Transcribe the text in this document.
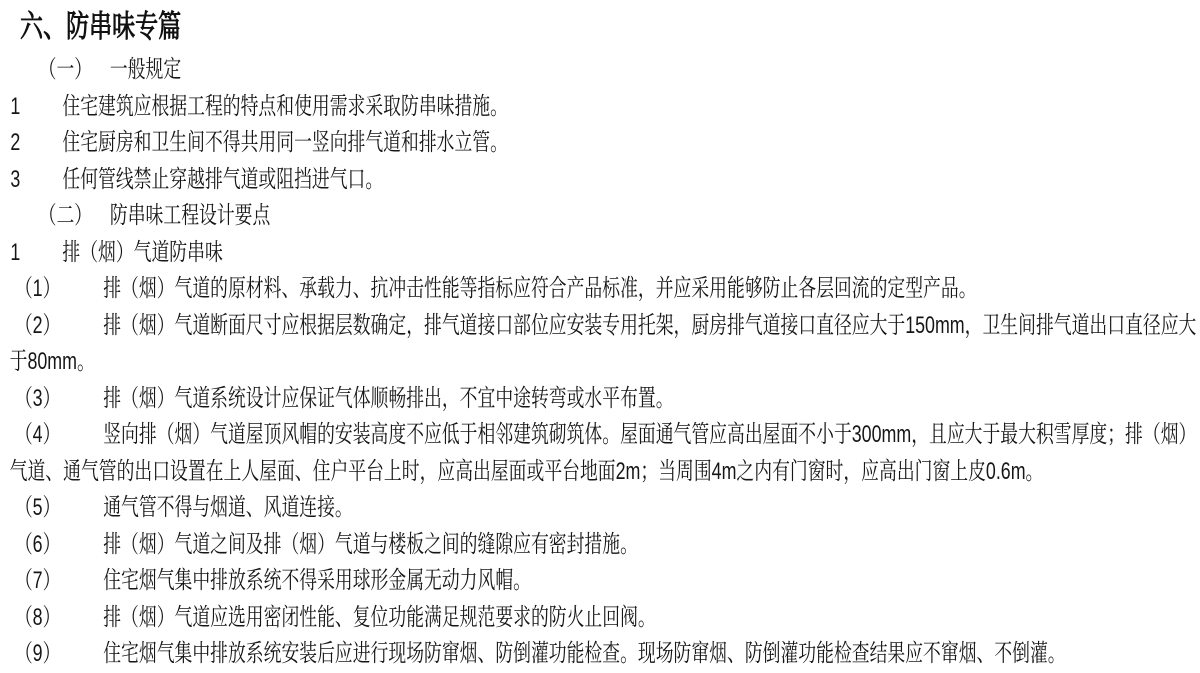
六、防串味专篇

（一） 一般规定

1 住宅建筑应根据工程的特点和使用需求采取防串味措施。

2 住宅厨房和卫生间不得共用同一竖向排气道和排水立管。

3 任何管线禁止穿越排气道或阻挡进气口。

（二） 防串味工程设计要点

1 排（烟）气道防串味

（1） 排（烟）气道的原材料、承载力、抗冲击性能等指标应符合产品标准，并应采用能够防止各层回流的定型产品。

（2） 排（烟）气道断面尺寸应根据层数确定，排气道接口部位应安装专用托架，厨房排气道接口直径应大于150mm，卫生间排气道出口直径应大于80mm。

（3） 排（烟）气道系统设计应保证气体顺畅排出，不宜中途转弯或水平布置。

（4） 竖向排（烟）气道屋顶风帽的安装高度不应低于相邻建筑砌筑体。屋面通气管应高出屋面不小于300mm，且应大于最大积雪厚度；排（烟）气道、通气管的出口设置在上人屋面、住户平台上时，应高出屋面或平台地面2m；当周围4m之内有门窗时，应高出门窗上皮0.6m。

（5） 通气管不得与烟道、风道连接。

（6） 排（烟）气道之间及排（烟）气道与楼板之间的缝隙应有密封措施。

（7） 住宅烟气集中排放系统不得采用球形金属无动力风帽。

（8） 排（烟）气道应选用密闭性能、复位功能满足规范要求的防火止回阀。

（9） 住宅烟气集中排放系统安装后应进行现场防窜烟、防倒灌功能检查。现场防窜烟、防倒灌功能检查结果应不窜烟、不倒灌。
